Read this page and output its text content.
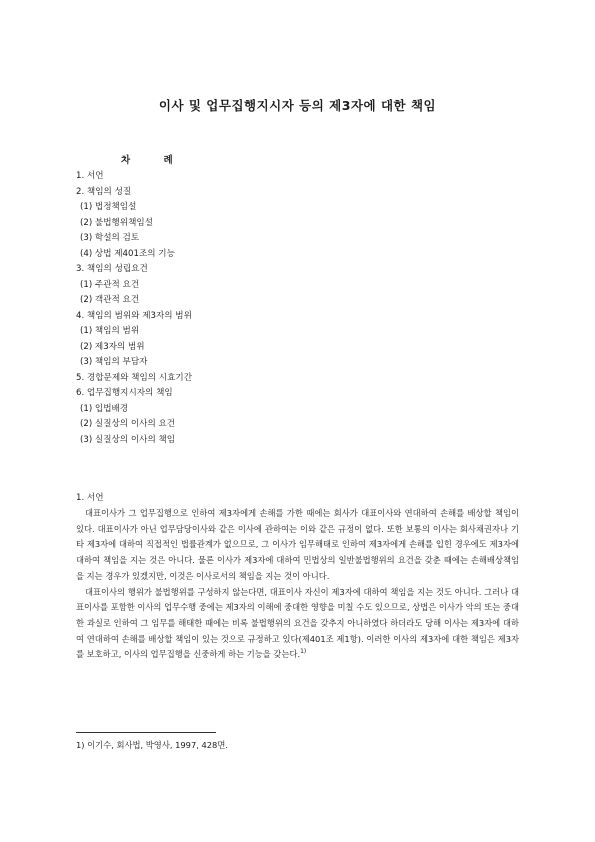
이사 및 업무집행지시자 등의 제3자에 대한 책임
차 례
1. 서언
2. 책임의 성질
(1) 법정책임설
(2) 불법행위책임설
(3) 학설의 검토
(4) 상법 제401조의 기능
3. 책임의 성립요건
(1) 주관적 요건
(2) 객관적 요건
4. 책임의 범위와 제3자의 범위
(1) 책임의 범위
(2) 제3자의 범위
(3) 책임의 부담자
5. 경합문제와 책임의 시효기간
6. 업무집행지시자의 책임
(1) 입법배경
(2) 실질상의 이사의 요건
(3) 실질상의 이사의 책임
1. 서언

대표이사가 그 업무집행으로 인하여 제3자에게 손해를 가한 때에는 회사가 대표이사와 연대하여 손해를 배상할 책임이 있다. 대표이사가 아닌 업무담당이사와 같은 이사에 관하여는 이와 같은 규정이 없다. 또한 보통의 이사는 회사채권자나 기타 제3자에 대하여 직접적인 법률관계가 없으므로, 그 이사가 임무해태로 인하여 제3자에게 손해를 입힌 경우에도 제3자에 대하여 책임을 지는 것은 아니다. 물론 이사가 제3자에 대하여 민법상의 일반불법행위의 요건을 갖춘 때에는 손해배상책임을 지는 경우가 있겠지만, 이것은 이사로서의 책임을 지는 것이 아니다.

대표이사의 행위가 불법행위를 구성하지 않는다면, 대표이사 자신이 제3자에 대하여 책임을 지는 것도 아니다. 그러나 대표이사를 포함한 이사의 업무수행 중에는 제3자의 이해에 중대한 영향을 미칠 수도 있으므로, 상법은 이사가 악의 또는 중대한 과실로 인하여 그 임무를 해태한 때에는 비록 불법행위의 요건을 갖추지 아니하였다 하더라도 당해 이사는 제3자에 대하여 연대하여 손해를 배상할 책임이 있는 것으로 규정하고 있다(제401조 제1항). 이러한 이사의 제3자에 대한 책임은 제3자를 보호하고, 이사의 업무집행을 신중하게 하는 기능을 갖는다.$^{1)}$

1) 이기수, 회사법, 박영사, 1997, 428면.
